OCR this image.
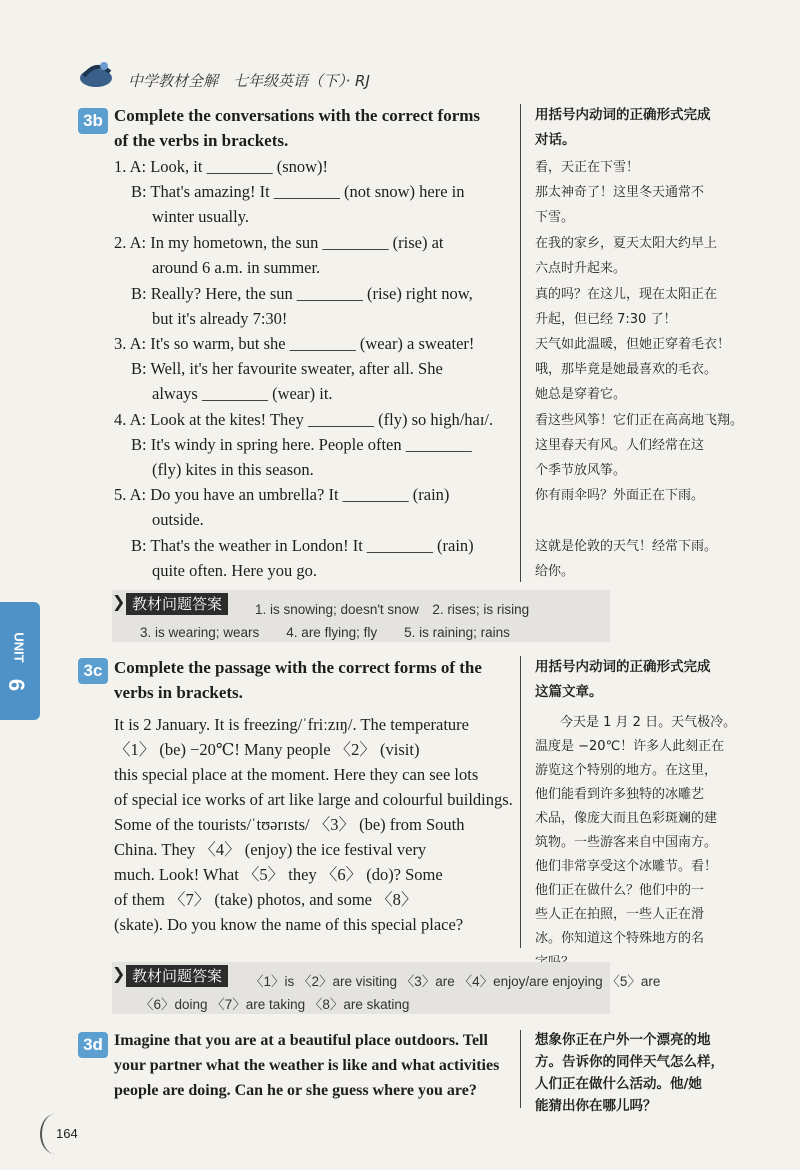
中学教材全解　七年级英语（下）· RJ
UNIT
6
3b Complete the conversations with the correct forms
of the verbs in brackets.
1. A: Look, it ________ (snow)!
B: That's amazing! It ________ (not snow) here in
winter usually.
2. A: In my hometown, the sun ________ (rise) at
around 6 a.m. in summer.
B: Really? Here, the sun ________ (rise) right now,
but it's already 7:30!
3. A: It's so warm, but she ________ (wear) a sweater!
B: Well, it's her favourite sweater, after all. She
always ________ (wear) it.
4. A: Look at the kites! They ________ (fly) so high/haɪ/.
B: It's windy in spring here. People often ________
(fly) kites in this season.
5. A: Do you have an umbrella? It ________ (rain)
outside.
B: That's the weather in London! It ________ (rain)
quite often. Here you go.
用括号内动词的正确形式完成
对话。
看，天正在下雪！
那太神奇了！这里冬天通常不
下雪。
在我的家乡，夏天太阳大约早上
六点时升起来。
真的吗？在这儿，现在太阳正在
升起，但已经 7:30 了！
天气如此温暖，但她正穿着毛衣！
哦，那毕竟是她最喜欢的毛衣。
她总是穿着它。
看这些风筝！它们正在高高地飞翔。
这里春天有风。人们经常在这
个季节放风筝。
你有雨伞吗？外面正在下雨。
这就是伦敦的天气！经常下雨。
给你。
❯ 教材问题答案	1. is snowing; doesn't snow　2. rises; is rising
3. is wearing; wears　　4. are flying; fly　　5. is raining; rains
3c Complete the passage with the correct forms of the
verbs in brackets.
It is 2 January. It is freezing/ˈfriːzɪŋ/. The temperature
〈1〉 (be) −20℃! Many people 〈2〉 (visit)
this special place at the moment. Here they can see lots
of special ice works of art like large and colourful buildings.
Some of the tourists/ˈtʊərɪsts/ 〈3〉 (be) from South
China. They 〈4〉 (enjoy) the ice festival very
much. Look! What 〈5〉 they 〈6〉 (do)? Some
of them 〈7〉 (take) photos, and some 〈8〉
(skate). Do you know the name of this special place?
用括号内动词的正确形式完成
这篇文章。
今天是 1 月 2 日。天气极冷。
温度是 −20℃！许多人此刻正在
游览这个特别的地方。在这里，
他们能看到许多独特的冰雕艺
术品，像庞大而且色彩斑斓的建
筑物。一些游客来自中国南方。
他们非常享受这个冰雕节。看！
他们正在做什么？他们中的一
些人正在拍照，一些人正在滑
冰。你知道这个特殊地方的名
❯ 教材问题答案	〈1〉is 〈2〉are visiting 〈3〉are 〈4〉enjoy/are enjoying 〈5〉are
〈6〉doing 〈7〉are taking 〈8〉are skating
3d Imagine that you are at a beautiful place outdoors. Tell
your partner what the weather is like and what activities
people are doing. Can he or she guess where you are?
想象你正在户外一个漂亮的地
方。告诉你的同伴天气怎么样，
人们正在做什么活动。他/她
能猜出你在哪儿吗？
164
